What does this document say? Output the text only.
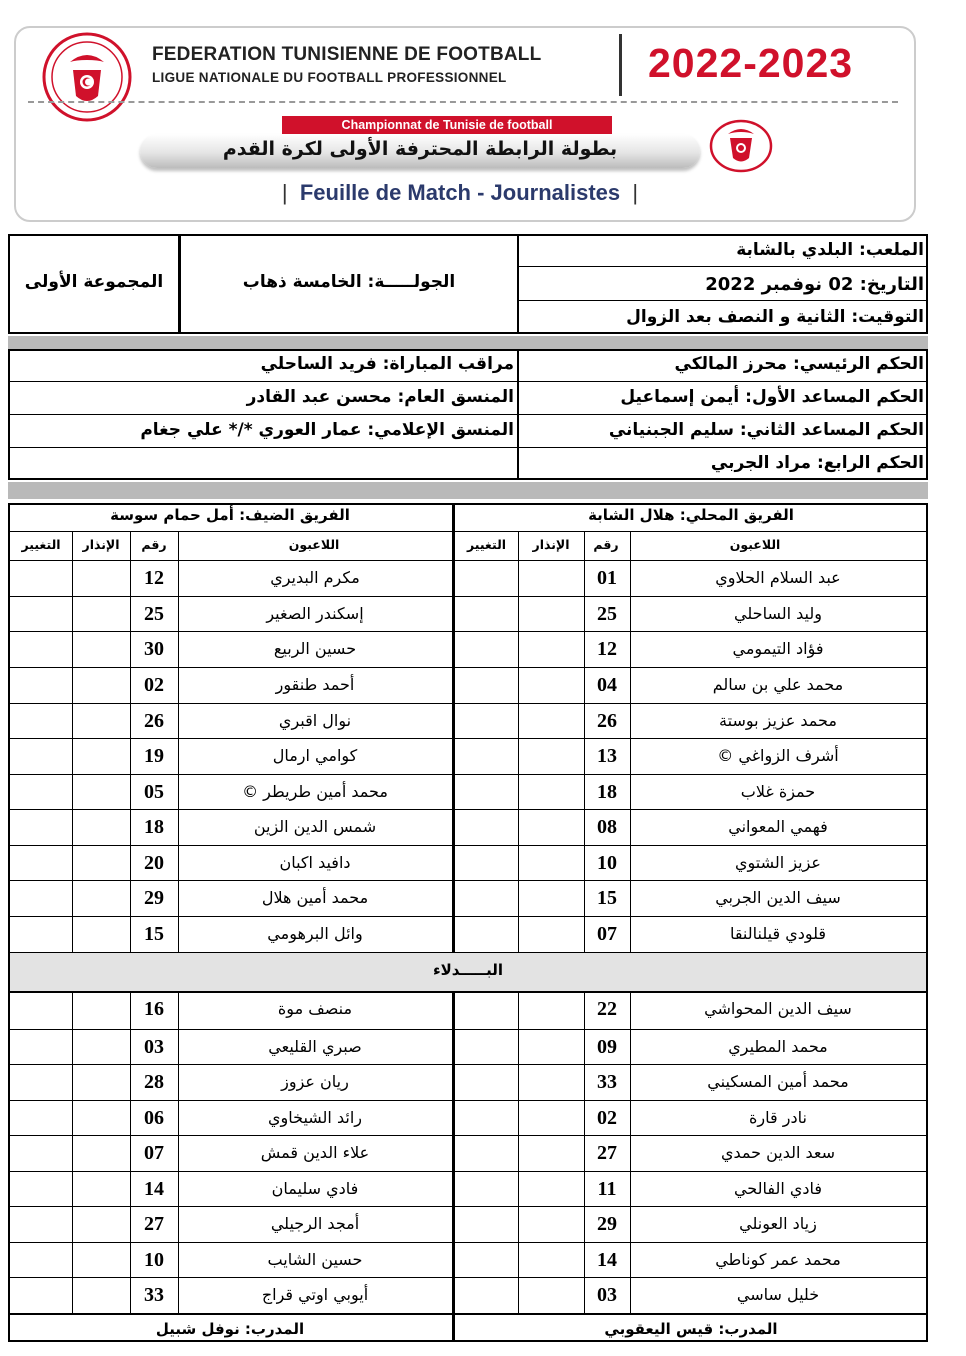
FEDERATION TUNISIENNE DE FOOTBALL
LIGUE NATIONALE DU FOOTBALL PROFESSIONNEL	2022-2023
Championnat de Tunisie de football
بطولة الرابطة المحترفة الأولى لكرة القدم
| Feuille de Match - Journalistes |
الملعب: البلدي بالشابة
التاريخ: 02 نوفمبر 2022
التوقيت: الثانية و النصف بعد الزوال
الجولـــــة: الخامسة ذهاب
المجموعة الأولى
الحكم الرئيسي: محرز المالكي
الحكم المساعد الأول: أيمن إسماعيل
الحكم المساعد الثاني: سليم الجبنياني
الحكم الرابع: مراد الجربي
مراقب المباراة: فريد الساحلي
المنسق العام: محسن عبد القادر
المنسق الإعلامي: عمار العوري */* علي جغام
الفريق المحلي: هلال الشابة
الفريق الضيف: أمل حمام سوسة
اللاعبون
رقم
الإنذار
التغيير
اللاعبون
رقم
الإنذار
التغيير
البـــــدلاء
المدرب: قيس اليعقوبي
المدرب: نوفل شبيل
عبد السلام الحلاوي
01
مكرم البديري
12
وليد الساحلي
25
إسكندر الصغير
25
فؤاد التيمومي
12
حسين الربيع
30
محمد علي بن سالم
04
أحمد طنقور
02
محمد عزيز بوستة
26
نوال اقبري
26
أشرف الزواغي ©
13
كوامي ارمال
19
حمزة غلاب
18
محمد أمين طريطر ©
05
فهمي المعواني
08
شمس الدين الزين
18
عزيز الشتوي
10
دافيد اكبان
20
سيف الدين الجربي
15
محمد أمين هلال
29
قلودي قيلنالنقا
07
وائل البرهومي
15
سيف الدين المحواشي
22
منصف موة
16
محمد المطيري
09
صبري القليعي
03
محمد أمين المسكيني
33
ريان عزوز
28
نادر قارة
02
رائد الشيخاوي
06
سعد الدين حمدي
27
علاء الدين قمش
07
فادي الفالحي
11
فادي سليمان
14
زياد العونلي
29
أمجد الرجيلي
27
محمد عمر كوناطي
14
حسين الشايب
10
خليل ساسي
03
أيوبي اوتي قراج
33
